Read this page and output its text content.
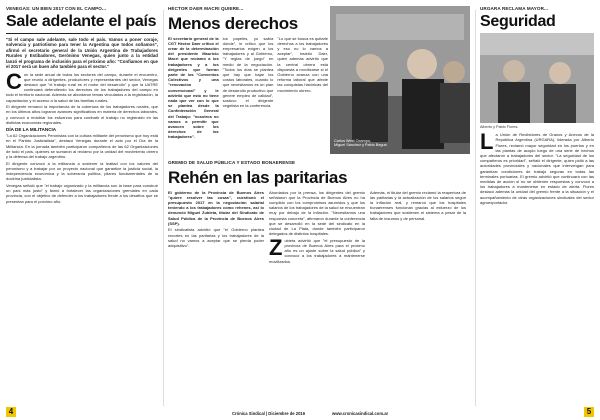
VENEGAS: UN BIEN 2017 CON EL CAMPO...
Sale adelante el país

"Si el campo sale adelante, sale todo el país. Vamos a poner coraje, solvencia y patriotismo para tener la Argentina que todos soñamos", afirmó el secretario general de la Unión Argentina de Trabajadores Rurales y Estibadores, Gerónimo Venegas, quien junto a la entidad lanzó el programa de inclusión para el próximo año: "Confiamos en que el 2017 será un buen año también para el sector."

Con la sede anual de todos los sectores del campo, durante el encuentro, que reunió a dirigentes, productores y representantes del sector, Venegas destacó que "el trabajo rural es el motor del desarrollo" y que la UATRE continuará defendiendo los derechos de los trabajadores del campo en todo el territorio nacional. Además se abordaron temas vinculados a la registración, la capacitación y el acceso a la salud de las familias rurales.

El dirigente remarcó la importancia de la cobertura de los trabajadores rurales, que en los últimos años lograron avances significativos en materia de derechos laborales, y convocó a redoblar los esfuerzos para combatir el trabajo no registrado en las distintas economías regionales.

DÍA DE LA MILITANCIA

"La 62 Organizaciones Peronistas con la cultura militante del peronismo que hoy está en el Partido Justicialista", destacó Venegas durante el acto por el Día de la Militancia. En la jornada también participaron compañeros de las 62 Organizaciones de todo el país, quienes se sumaron al reclamo por la unidad del movimiento obrero y la defensa del trabajo argentino.

El dirigente convocó a la militancia a sostener la lealtad con los valores del peronismo y a trabajar por un proyecto nacional que garantice la justicia social, la independencia económica y la soberanía política, pilares fundamentales de la doctrina justicialista.

Venegas señaló que "el trabajo organizado y la militancia son la base para construir un país más justo" y llamó a fortalecer las organizaciones gremiales en cada provincia, con el objetivo de defender a los trabajadores frente a los desafíos que se presentan para el próximo año.

HÉCTOR DAER MACRI QUIERE...
Menos derechos

El secretario general de la CGT Héctor Daer criticó el crear de la determinación del presidente Mauricio Macri que reclamó a los trabajadores y a los dirigentes que fueran parte de los "Convenios Colectivos y una "renovación convencional" y le advirtió que esto no tiene nada que ver con lo que se plantea desde la Confederación General del Trabajo: "nosotros no vamos a permitir que avancen sobre los derechos de los trabajadores".

los papeles, yo sabía dónde", le criticó que los empresarios exigen a los trabajadores y al Gobierno, "Y reglas de juego" en medio de la negociación. "Todos los días se plantea que hay que bajar los costos laborales, cuando lo que necesitamos es un plan de desarrollo productivo que genere empleo de calidad", sostuvo el dirigente cegetista en la conferencia.

"Lo que se busca es quitarle derechos a los trabajadores y eso no lo vamos a aceptar", insistió Daer, quien además advirtió que la central obrera está dispuesta a movilizarse si el Gobierno avanza con una reforma laboral que afecte las conquistas históricas del movimiento obrero.

Carlos West Ocampo,
Miguel Sánchez y Pablo Begué.
GREMIO DE SALUD PÚBLICA Y ESTADO BONAERENSE
Rehén en las paritarias

El gobierno de la Provincia de Buenos Aires "quiere resolver las cosas", cuestionó el presupuesto 2017 en la negociación salarial teniendo a los trabajadores como rehenes, así lo denunció Miguel Zubieta, titular del Sindicato de Salud Pública de la Provincia de Buenos Aires (SSP).

El sindicalista advirtió que "el Gobierno plantea recortes en las paritarias y los trabajadores de la salud no vamos a aceptar que se pierda poder adquisitivo".

Abordados por la prensa, los dirigentes del gremio señalaron que la Provincia de Buenos Aires no ha cumplido con los compromisos asumidos y que los salarios de los trabajadores de la salud se encuentran muy por debajo de la inflación. "Necesitamos una respuesta concreta", afirmaron durante la conferencia que se desarrolló en la sede del sindicato en la ciudad de La Plata, donde también participaron delegados de distintos hospitales.

Zubieta advirtió que "el presupuesto de la provincia de Buenos Aires para el próximo año es un ajuste sobre la salud pública" y convocó a los trabajadores a mantenerse movilizados.

Además, el titular del gremio reclamó la reapertura de las paritarias y la actualización de los salarios según la inflación real, y remarcó que los hospitales bonaerenses funcionan gracias al esfuerzo de los trabajadores que sostienen el sistema a pesar de la falta de insumos y de personal.

URGARA RECLAMA MAYOR...
Seguridad
Alberto y Pablo Flores.

La Unión de Recibidores de Granos y Anexos de la República Argentina (URGARA), liderada por Alberto Flores, reclamó mayor seguridad en los puertos y en las plantas de acopio luego de una serie de hechos que afectaron a trabajadores del sector. "La seguridad de los compañeros es prioridad", señaló el dirigente, quien pidió a las autoridades provinciales y nacionales que intervengan para garantizar condiciones de trabajo seguras en todas las terminales portuarias. El gremio advirtió que continuará con las medidas de acción si no se obtienen respuestas y convocó a los trabajadores a mantenerse en estado de alerta. Flores destacó además la unidad del gremio frente a la situación y el acompañamiento de otras organizaciones sindicales del sector agroexportador.

4	Crónica Sindical | Diciembre de 2016	www.cronicasindical.com.ar	5
